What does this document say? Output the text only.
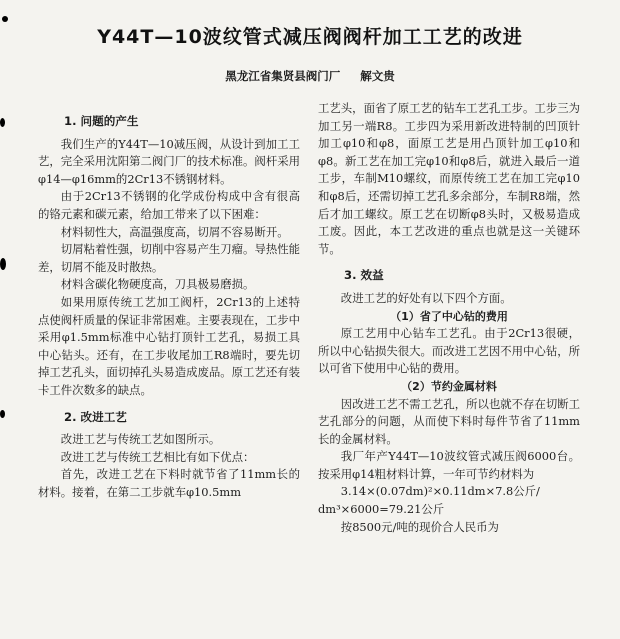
Y44T—10波纹管式减压阀阀杆加工工艺的改进
黑龙江省集贤县阀门厂 解文贵
1. 问题的产生

我们生产的Y44T—10减压阀，从设计到加工工艺，完全采用沈阳第二阀门厂的技术标准。阀杆采用φ14—φ16mm的2Cr13不锈钢材料。

由于2Cr13不锈钢的化学成份构成中含有很高的铬元素和碳元素，给加工带来了以下困难：

材料韧性大，高温强度高，切屑不容易断开。

切屑粘着性强，切削中容易产生刀瘤。导热性能差，切屑不能及时散热。

材料含碳化物硬度高，刀具极易磨损。

如果用原传统工艺加工阀杆，2Cr13的上述特点使阀杆质量的保证非常困难。主要表现在，工步中采用φ1.5mm标准中心钻打顶针工艺孔，易损工具中心钻头。还有，在工步收尾加工R8端时，要先切掉工艺孔头，面切掉孔头易造成废品。原工艺还有装卡工件次数多的缺点。

2. 改进工艺

改进工艺与传统工艺如图所示。

改进工艺与传统工艺相比有如下优点：

首先，改进工艺在下料时就节省了11mm长的材料。接着，在第二工步就车φ10.5mm

工艺头，面省了原工艺的钻车工艺孔工步。工步三为加工另一端R8。工步四为采用新改进特制的凹顶针加工φ10和φ8，面原工艺是用凸顶针加工φ10和φ8。新工艺在加工完φ10和φ8后，就进入最后一道工步，车制M10螺纹，而原传统工艺在加工完φ10和φ8后，还需切掉工艺孔多余部分，车制R8端，然后才加工螺纹。原工艺在切断φ8头时，又极易造成工废。因此，本工艺改进的重点也就是这一关键环节。

3. 效益

改进工艺的好处有以下四个方面。

（1）省了中心钻的费用

原工艺用中心钻车工艺孔。由于2Cr13很硬，所以中心钻损失很大。而改进工艺因不用中心钻，所以可省下使用中心钻的费用。

（2）节约金属材料

因改进工艺不需工艺孔，所以也就不存在切断工艺孔部分的问题，从而使下料时每件节省了11mm长的金属材料。

我厂年产Y44T—10波纹管式减压阀6000台。按采用φ14粗材料计算，一年可节约材料为

3.14×(0.07dm)²×0.11dm×7.8公斤/

dm³×6000=79.21公斤

按8500元/吨的现价合人民币为
